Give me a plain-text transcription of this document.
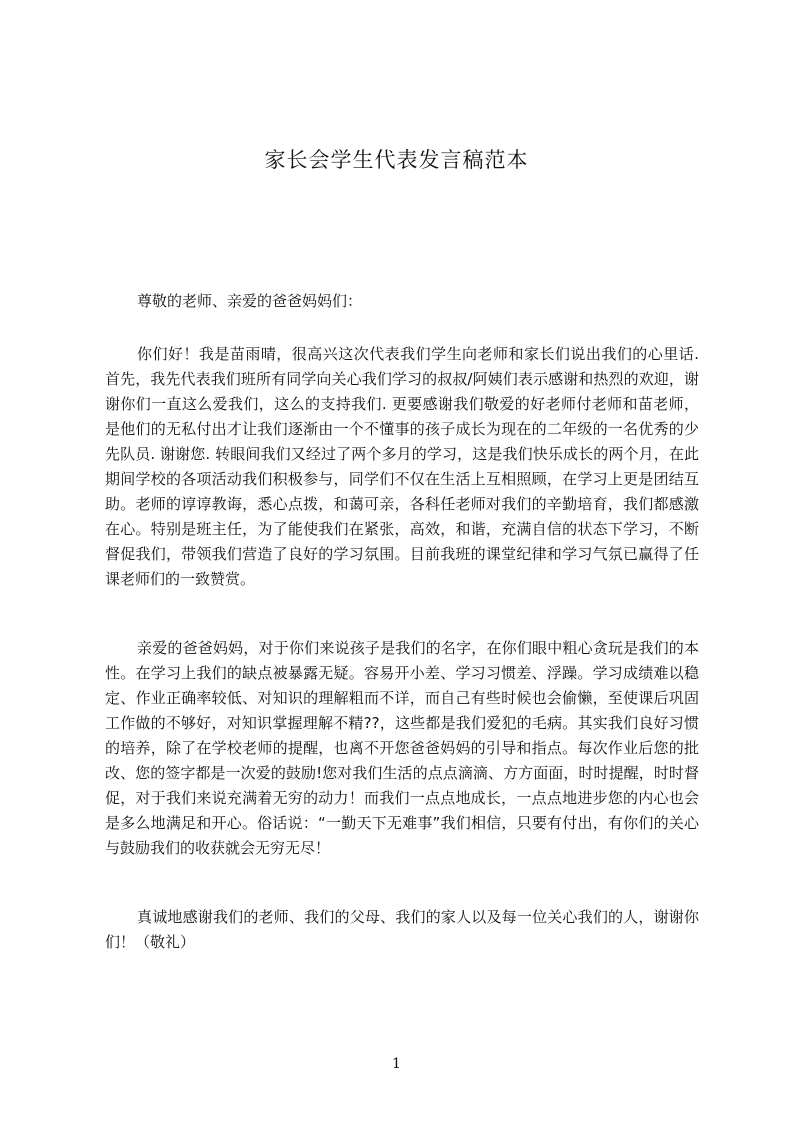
家长会学生代表发言稿范本
尊敬的老师、亲爱的爸爸妈妈们：
你们好！我是苗雨晴，很高兴这次代表我们学生向老师和家长们说出我们的心里话. 首先，我先代表我们班所有同学向关心我们学习的叔叔/阿姨们表示感谢和热烈的欢迎，谢谢你们一直这么爱我们，这么的支持我们. 更要感谢我们敬爱的好老师付老师和苗老师，是他们的无私付出才让我们逐渐由一个不懂事的孩子成长为现在的二年级的一名优秀的少先队员. 谢谢您. 转眼间我们又经过了两个多月的学习，这是我们快乐成长的两个月，在此期间学校的各项活动我们积极参与，同学们不仅在生活上互相照顾，在学习上更是团结互助。老师的谆谆教诲，悉心点拨，和蔼可亲，各科任老师对我们的辛勤培育，我们都感激在心。特别是班主任，为了能使我们在紧张，高效，和谐，充满自信的状态下学习，不断督促我们，带领我们营造了良好的学习氛围。目前我班的课堂纪律和学习气氛已赢得了任课老师们的一致赞赏。
亲爱的爸爸妈妈，对于你们来说孩子是我们的名字，在你们眼中粗心贪玩是我们的本性。在学习上我们的缺点被暴露无疑。容易开小差、学习习惯差、浮躁。学习成绩难以稳定、作业正确率较低、对知识的理解粗而不详，而自己有些时候也会偷懒，至使课后巩固工作做的不够好，对知识掌握理解不精??，这些都是我们爱犯的毛病。其实我们良好习惯的培养，除了在学校老师的提醒，也离不开您爸爸妈妈的引导和指点。每次作业后您的批改、您的签字都是一次爱的鼓励!您对我们生活的点点滴滴、方方面面，时时提醒，时时督促，对于我们来说充满着无穷的动力！而我们一点点地成长，一点点地进步您的内心也会是多么地满足和开心。俗话说：“一勤天下无难事”我们相信，只要有付出，有你们的关心与鼓励我们的收获就会无穷无尽！
真诚地感谢我们的老师、我们的父母、我们的家人以及每一位关心我们的人，谢谢你们！（敬礼）
1
